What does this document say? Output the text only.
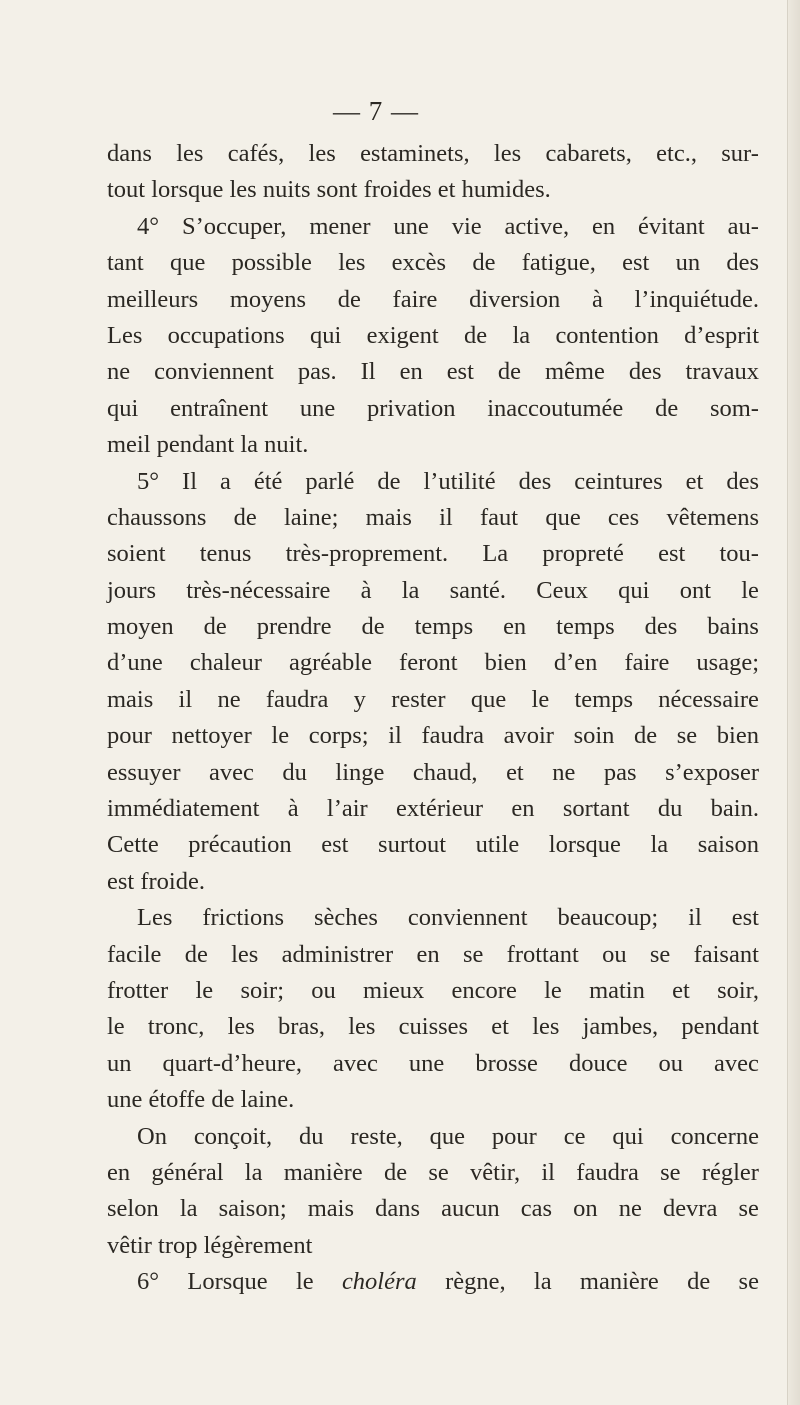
— 7 —
dans les cafés, les estaminets, les cabarets, etc., sur-
tout lorsque les nuits sont froides et humides.
4° S’occuper, mener une vie active, en évitant au-
tant que possible les excès de fatigue, est un des
meilleurs moyens de faire diversion à l’inquiétude.
Les occupations qui exigent de la contention d’esprit
ne conviennent pas. Il en est de même des travaux
qui entraînent une privation inaccoutumée de som-
meil pendant la nuit.
5° Il a été parlé de l’utilité des ceintures et des
chaussons de laine; mais il faut que ces vêtemens
soient tenus très-proprement. La propreté est tou-
jours très-nécessaire à la santé. Ceux qui ont le
moyen de prendre de temps en temps des bains
d’une chaleur agréable feront bien d’en faire usage;
mais il ne faudra y rester que le temps nécessaire
pour nettoyer le corps; il faudra avoir soin de se bien
essuyer avec du linge chaud, et ne pas s’exposer
immédiatement à l’air extérieur en sortant du bain.
Cette précaution est surtout utile lorsque la saison
est froide.
Les frictions sèches conviennent beaucoup; il est
facile de les administrer en se frottant ou se faisant
frotter le soir; ou mieux encore le matin et soir,
le tronc, les bras, les cuisses et les jambes, pendant
un quart-d’heure, avec une brosse douce ou avec
une étoffe de laine.
On conçoit, du reste, que pour ce qui concerne
en général la manière de se vêtir, il faudra se régler
selon la saison; mais dans aucun cas on ne devra se
vêtir trop légèrement
6° Lorsque le choléra règne, la manière de se
